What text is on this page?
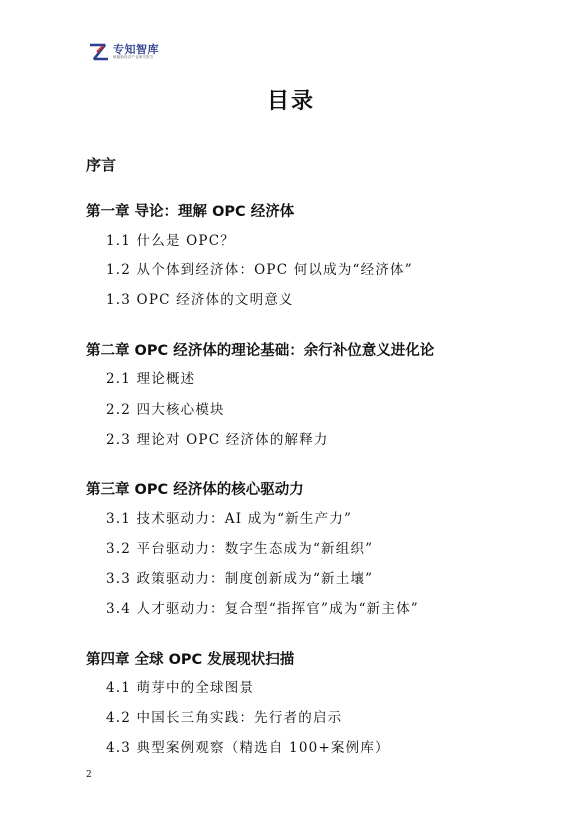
专知智库
赋能新经济产业研究报告
目录
序言
第一章 导论：理解 OPC 经济体
1.1 什么是 OPC？
1.2 从个体到经济体：OPC 何以成为“经济体”
1.3 OPC 经济体的文明意义
第二章 OPC 经济体的理论基础：余行补位意义进化论
2.1 理论概述
2.2 四大核心模块
2.3 理论对 OPC 经济体的解释力
第三章 OPC 经济体的核心驱动力
3.1 技术驱动力：AI 成为“新生产力”
3.2 平台驱动力：数字生态成为“新组织”
3.3 政策驱动力：制度创新成为“新土壤”
3.4 人才驱动力：复合型“指挥官”成为“新主体”
第四章 全球 OPC 发展现状扫描
4.1 萌芽中的全球图景
4.2 中国长三角实践：先行者的启示
4.3 典型案例观察（精选自 100+案例库）
2
